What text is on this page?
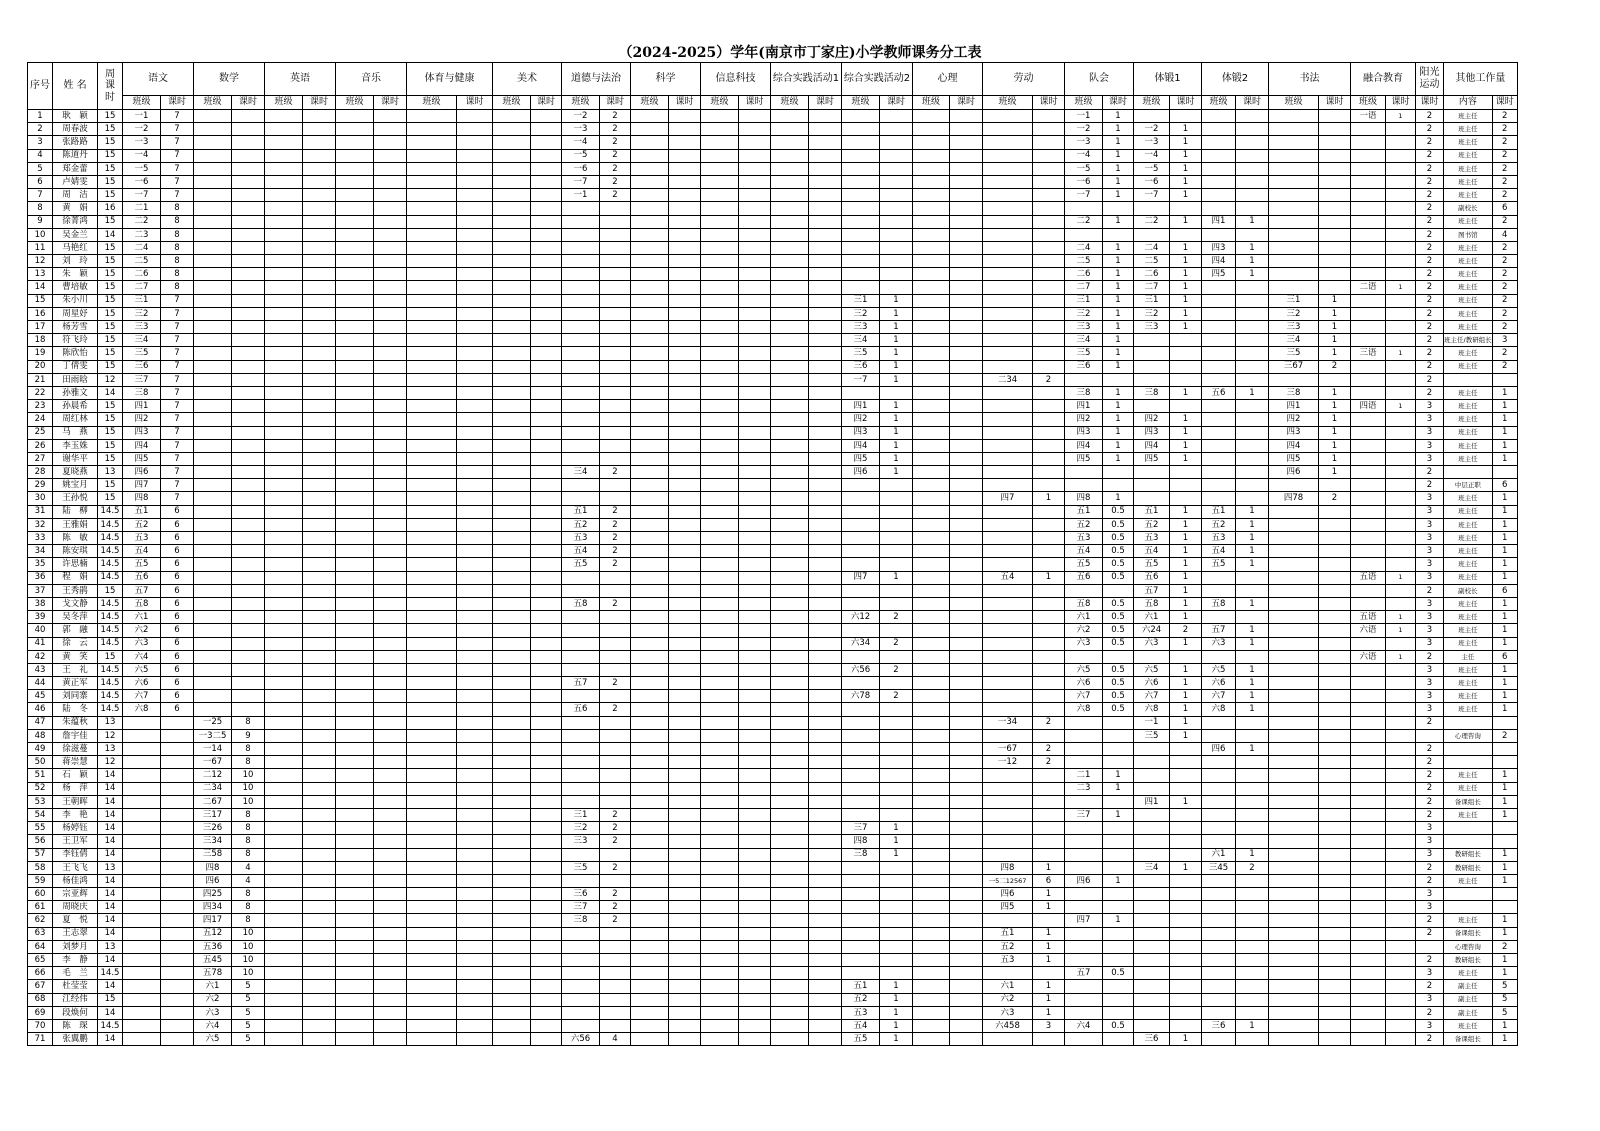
（2024-2025）学年(南京市丁家庄)小学教师课务分工表
序号	姓 名	周课时	语文		数学		英语		音乐		体育与健康		美术		道德与法治		科学		信息科技		综合实践活动1		综合实践活动2		心理		劳动		队会		体锻1		体锻2		书法		融合教育		阳光运动	其他工作量	
			班级	课时	班级	课时	班级	课时	班级	课时	班级	课时	班级	课时	班级	课时	班级	课时	班级	课时	班级	课时	班级	课时	班级	课时	班级	课时	班级	课时	班级	课时	班级	课时	班级	课时	班级	课时	课时	内容	课时
1	耿　颖	15	一1	7											一2	2													一1	1							一语	1	2	班主任	2
2	周春波	15	一2	7											一3	2													一2	1	一2	1							2	班主任	2
3	张路路	15	一3	7											一4	2													一3	1	一3	1							2	班主任	2
4	陈道丹	15	一4	7											一5	2													一4	1	一4	1							2	班主任	2
5	郑金蕾	15	一5	7											一6	2													一5	1	一5	1							2	班主任	2
6	卢婧雯	15	一6	7											一7	2													一6	1	一6	1							2	班主任	2
7	周　洁	15	一7	7											一1	2													一7	1	一7	1							2	班主任	2
8	黄　娟	16	二1	8																																			2	副校长	6
9	徐菁鸿	15	二2	8																									二2	1	二2	1	四1	1					2	班主任	2
10	吴金兰	14	二3	8																																			2	图书馆	4
11	马艳红	15	二4	8																									二4	1	二4	1	四3	1					2	班主任	2
12	刘　玲	15	二5	8																									二5	1	二5	1	四4	1					2	班主任	2
13	朱　颖	15	二6	8																									二6	1	二6	1	四5	1					2	班主任	2
14	曹培敏	15	二7	8																									二7	1	二7	1					二语	1	2	班主任	2
15	朱小川	15	三1	7																			三1	1					三1	1	三1	1			三1	1			2	班主任	2
16	周星妤	15	三2	7																			三2	1					三2	1	三2	1			三2	1			2	班主任	2
17	杨芳雪	15	三3	7																			三3	1					三3	1	三3	1			三3	1			2	班主任	2
18	符飞玲	15	三4	7																			三4	1					三4	1					三4	1			2	班主任/教研组长	3
19	陈欣怡	15	三5	7																			三5	1					三5	1					三5	1	三语	1	2	班主任	2
20	丁倩雯	15	三6	7																			三6	1					三6	1					三67	2			2	班主任	2
21	田雨晗	12	三7	7																			一7	1			二34	2											2		
22	孙雅文	14	三8	7																									三8	1	三8	1	五6	1	三8	1			2	班主任	1
23	孙晨希	15	四1	7																			四1	1					四1	1					四1	1	四语	1	3	班主任	1
24	周红林	15	四2	7																			四2	1					四2	1	四2	1			四2	1			3	班主任	1
25	马　燕	15	四3	7																			四3	1					四3	1	四3	1			四3	1			3	班主任	1
26	李玉姝	15	四4	7																			四4	1					四4	1	四4	1			四4	1			3	班主任	1
27	谢华平	15	四5	7																			四5	1					四5	1	四5	1			四5	1			3	班主任	1
28	夏晓燕	13	四6	7											三4	2							四6	1											四6	1			2		
29	姚宝月	15	四7	7																																			2	中层正职	6
30	王孙悦	15	四8	7																							四7	1	四8	1					四78	2			3	班主任	1
31	陆　柳	14.5	五1	6											五1	2													五1	0.5	五1	1	五1	1					3	班主任	1
32	王雅娟	14.5	五2	6											五2	2													五2	0.5	五2	1	五2	1					3	班主任	1
33	陈　敏	14.5	五3	6											五3	2													五3	0.5	五3	1	五3	1					3	班主任	1
34	陈安琪	14.5	五4	6											五4	2													五4	0.5	五4	1	五4	1					3	班主任	1
35	许思楠	14.5	五5	6											五5	2													五5	0.5	五5	1	五5	1					3	班主任	1
36	程　娟	14.5	五6	6																			四7	1			五4	1	五6	0.5	五6	1					五语	1	3	班主任	1
37	王秀鹃	15	五7	6																											五7	1							2	副校长	6
38	戈文静	14.5	五8	6											五8	2													五8	0.5	五8	1	五8	1					3	班主任	1
39	吴冬萍	14.5	六1	6																			六12	2					六1	0.5	六1	1					五语	1	3	班主任	1
40	郭　融	14.5	六2	6																									六2	0.5	六24	2	五7	1			六语	1	3	班主任	1
41	徐　云	14.5	六3	6																			六34	2					六3	0.5	六3	1	六3	1					3	班主任	1
42	黄　笑	15	六4	6																																	六语	1	2	主任	6
43	王　礼	14.5	六5	6																			六56	2					六5	0.5	六5	1	六5	1					3	班主任	1
44	黄正军	14.5	六6	6											五7	2													六6	0.5	六6	1	六6	1					3	班主任	1
45	刘同寨	14.5	六7	6																			六78	2					六7	0.5	六7	1	六7	1					3	班主任	1
46	陆　冬	14.5	六8	6											五6	2													六8	0.5	六8	1	六8	1					3	班主任	1
47	朱蕴秋	13			一25	8																					一34	2			一1	1							2		
48	詹宇佳	12			一3二5	9																									三5	1								心理咨询	2
49	徐滋蔓	13			一14	8																					一67	2					四6	1					2		
50	蒋崇慧	12			一67	8																					一12	2											2		
51	石　颖	14			二12	10																							二1	1									2	班主任	1
52	杨　萍	14			二34	10																							二3	1									2	班主任	1
53	王朝晖	14			二67	10																									四1	1							2	备课组长	1
54	李　艳	14			三17	8									三1	2													三7	1									2	班主任	1
55	杨婷钰	14			三26	8									三2	2							三7	1															3		
56	王卫军	14			三34	8									三3	2							四8	1															3		
57	李钰倩	14			三58	8																	三8	1									六1	1					3	教研组长	1
58	王飞飞	13			四8	4									三5	2											四8	1			三4	1	三45	2					2	教研组长	1
59	杨佳鸿	14			四6	4																					一5二12567	6	四6	1									2	班主任	1
60	宗亚辉	14			四25	8									三6	2											四6	1											3		
61	周晓庆	14			四34	8									三7	2											四5	1											3		
62	夏　悦	14			四17	8									三8	2													四7	1									2	班主任	1
63	王志翠	14			五12	10																					五1	1											2	备课组长	1
64	刘梦月	13			五36	10																					五2	1												心理咨询	2
65	李　静	14			五45	10																					五3	1											2	教研组长	1
66	毛　兰	14.5			五78	10																							五7	0.5									3	班主任	1
67	杜莹莹	14			六1	5																	五1	1			六1	1											2	副主任	5
68	江经伟	15			六2	5																	五2	1			六2	1											3	副主任	5
69	段焕何	14			六3	5																	五3	1			六3	1											2	副主任	5
70	陈　琛	14.5			六4	5																	五4	1			六458	3	六4	0.5			三6	1					3	班主任	1
71	张翼鹏	14			六5	5									六56	4							五5	1							三6	1							2	备课组长	1
